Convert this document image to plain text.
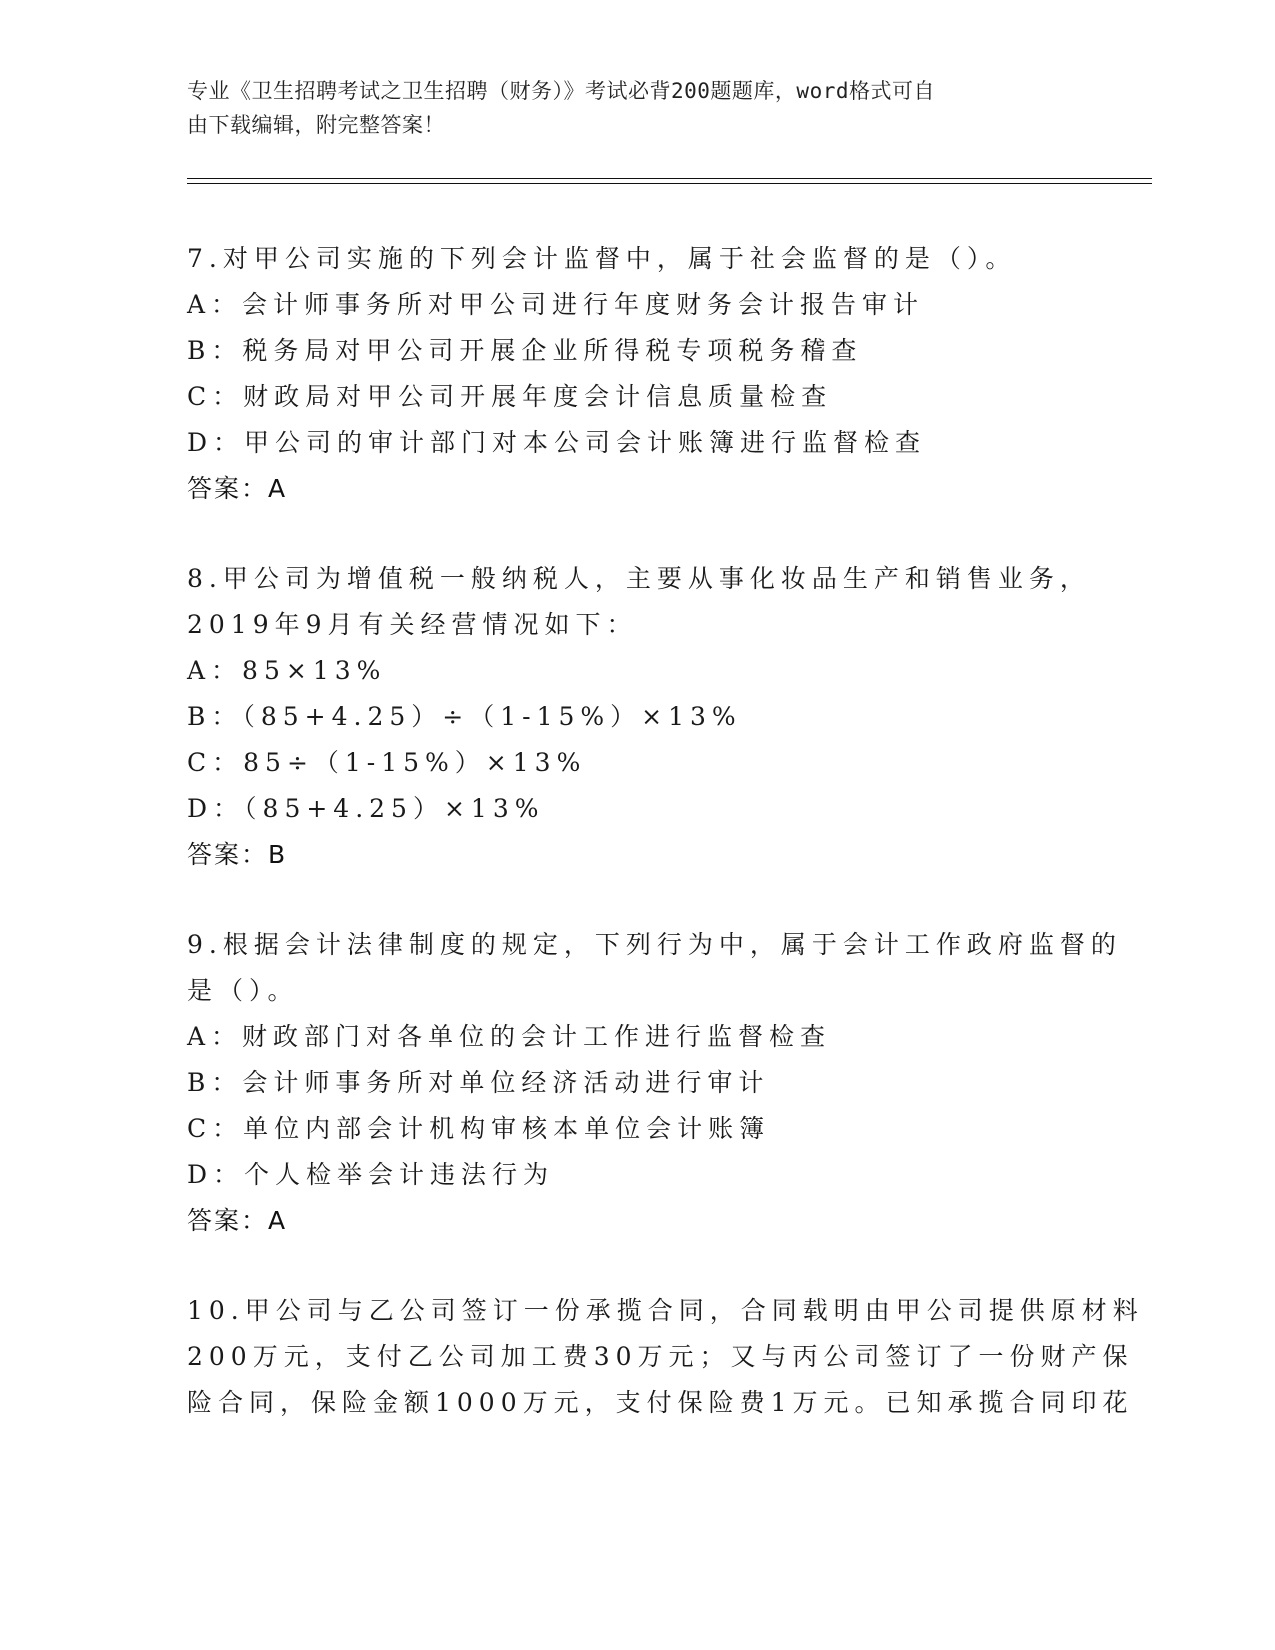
专业《卫生招聘考试之卫生招聘（财务）》考试必背200题题库，word格式可自
由下载编辑，附完整答案！
7.对甲公司实施的下列会计监督中，属于社会监督的是（）。
A：会计师事务所对甲公司进行年度财务会计报告审计
B：税务局对甲公司开展企业所得税专项税务稽查
C：财政局对甲公司开展年度会计信息质量检查
D：甲公司的审计部门对本公司会计账簿进行监督检查
答案：A
8.甲公司为增值税一般纳税人，主要从事化妆品生产和销售业务，
2019年9月有关经营情况如下：
A：85×13%
B：（85+4.25）÷（1-15%）×13%
C：85÷（1-15%）×13%
D：（85+4.25）×13%
答案：B
9.根据会计法律制度的规定，下列行为中，属于会计工作政府监督的
是（）。
A：财政部门对各单位的会计工作进行监督检查
B：会计师事务所对单位经济活动进行审计
C：单位内部会计机构审核本单位会计账簿
D：个人检举会计违法行为
答案：A
10.甲公司与乙公司签订一份承揽合同，合同载明由甲公司提供原材料
200万元，支付乙公司加工费30万元；又与丙公司签订了一份财产保
险合同，保险金额1000万元，支付保险费1万元。已知承揽合同印花
